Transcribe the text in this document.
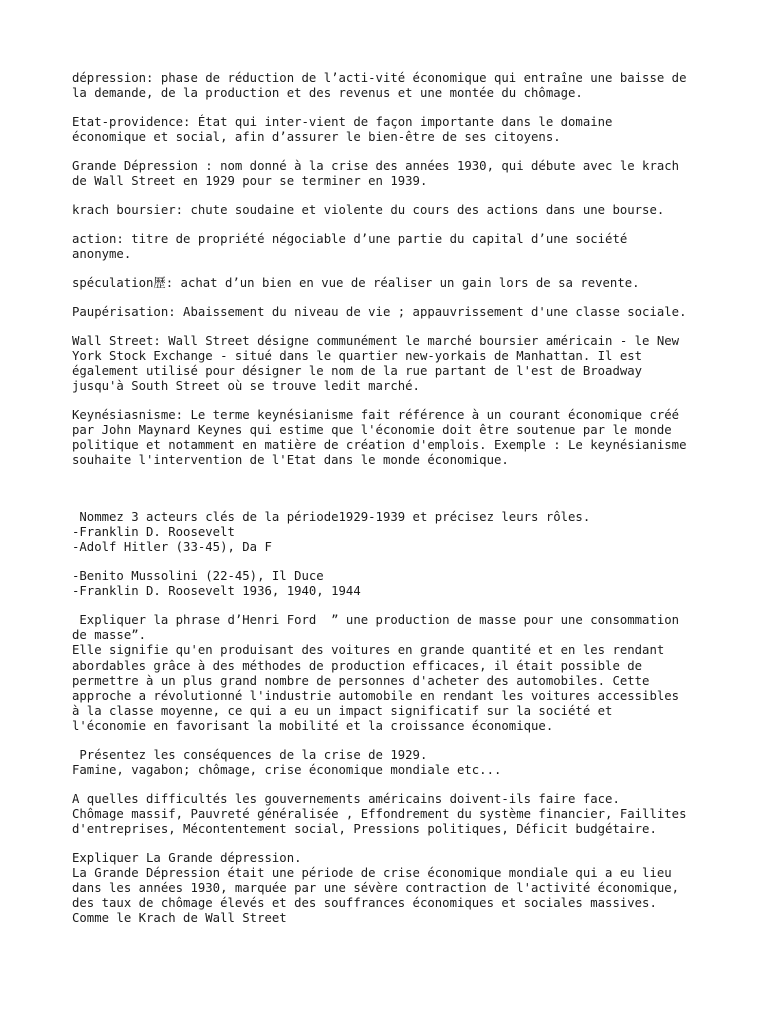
dépression: phase de réduction de l’acti-vité économique qui entraîne une baisse de
la demande, de la production et des revenus et une montée du chômage.
Etat-providence: État qui inter-vient de façon importante dans le domaine
économique et social, afin d’assurer le bien-être de ses citoyens.
Grande Dépression : nom donné à la crise des années 1930, qui débute avec le krach
de Wall Street en 1929 pour se terminer en 1939.
krach boursier: chute soudaine et violente du cours des actions dans une bourse.
action: titre de propriété négociable d’une partie du capital d’une société
anonyme.
spéculation歷: achat d’un bien en vue de réaliser un gain lors de sa revente.
Paupérisation: Abaissement du niveau de vie ; appauvrissement d'une classe sociale.
Wall Street: Wall Street désigne communément le marché boursier américain - le New
York Stock Exchange - situé dans le quartier new-yorkais de Manhattan. Il est
également utilisé pour désigner le nom de la rue partant de l'est de Broadway
jusqu'à South Street où se trouve ledit marché.
Keynésiasnisme: Le terme keynésianisme fait référence à un courant économique créé
par John Maynard Keynes qui estime que l'économie doit être soutenue par le monde
politique et notamment en matière de création d'emplois. Exemple : Le keynésianisme
souhaite l'intervention de l'Etat dans le monde économique.
Nommez 3 acteurs clés de la période1929-1939 et précisez leurs rôles.
-Franklin D. Roosevelt
-Adolf Hitler (33-45), Da F
-Benito Mussolini (22-45), Il Duce
-Franklin D. Roosevelt 1936, 1940, 1944
Expliquer la phrase d’Henri Ford  ” une production de masse pour une consommation
de masse”.
Elle signifie qu'en produisant des voitures en grande quantité et en les rendant
abordables grâce à des méthodes de production efficaces, il était possible de
permettre à un plus grand nombre de personnes d'acheter des automobiles. Cette
approche a révolutionné l'industrie automobile en rendant les voitures accessibles
à la classe moyenne, ce qui a eu un impact significatif sur la société et
l'économie en favorisant la mobilité et la croissance économique.
Présentez les conséquences de la crise de 1929.
Famine, vagabon; chômage, crise économique mondiale etc...
A quelles difficultés les gouvernements américains doivent-ils faire face.
Chômage massif, Pauvreté généralisée , Effondrement du système financier, Faillites
d'entreprises, Mécontentement social, Pressions politiques, Déficit budgétaire.
Expliquer La Grande dépression.
La Grande Dépression était une période de crise économique mondiale qui a eu lieu
dans les années 1930, marquée par une sévère contraction de l'activité économique,
des taux de chômage élevés et des souffrances économiques et sociales massives.
Comme le Krach de Wall Street
